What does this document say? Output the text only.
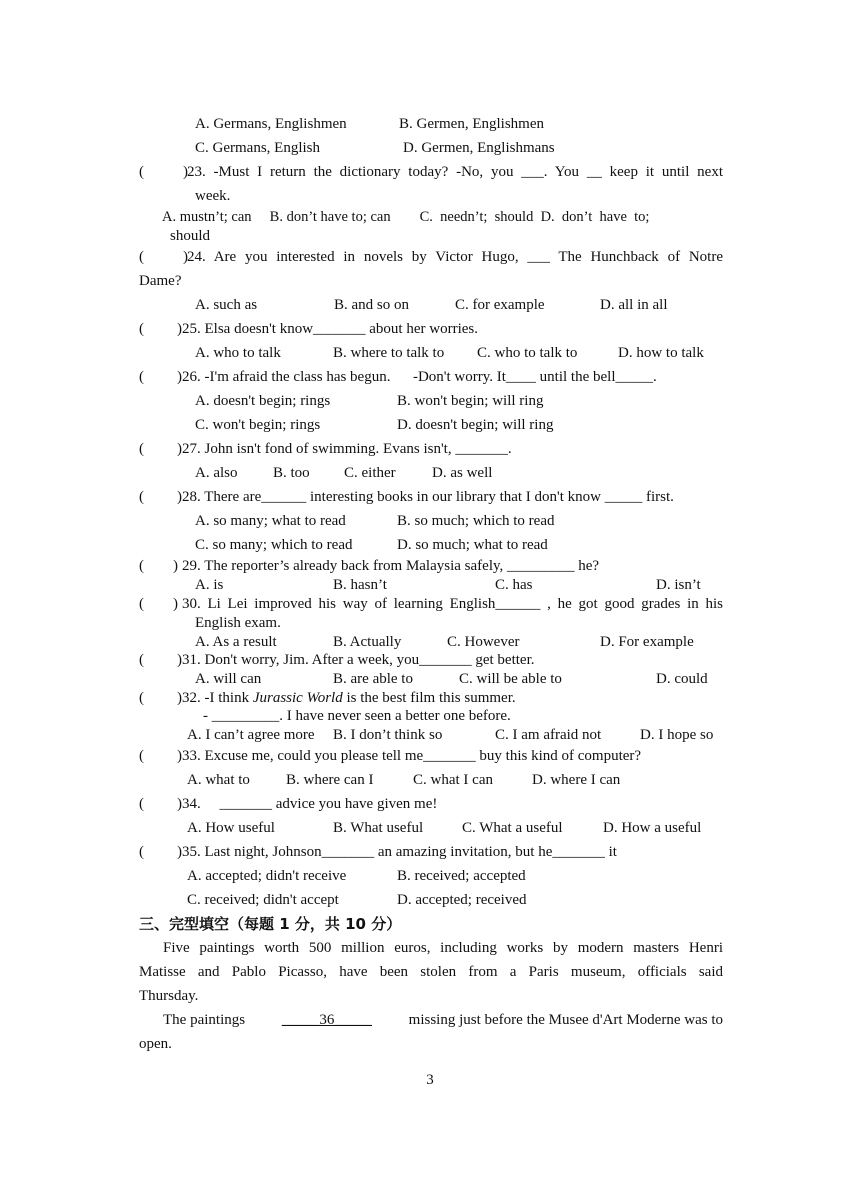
A. Germans, Englishmen	B. Germen, Englishmen
C. Germans, English	D. Germen, Englishmans
(	) 23. -Must I return the dictionary today? -No, you ___. You __ keep it until next
week.
A. mustn’t; can     B. don’t have to; can        C.  needn’t;  should  D.  don’t  have  to;
should
(	) 24. Are you interested in novels by Victor Hugo, ___ The Hunchback of Notre
Dame?
A. such as	B. and so on	C. for example	D. all in all
( ) 25. Elsa doesn't know_______ about her worries.
A. who to talk	B. where to talk to C. who to talk to	D. how to talk
( ) 26. -I'm afraid the class has begun.      -Don't worry. It____ until the bell_____.
A. doesn't begin; rings	B. won't begin; will ring
C. won't begin; rings	D. doesn't begin; will ring
( ) 27. John isn't fond of swimming. Evans isn't, _______.
A. also B. too C. either D. as well
( ) 28. There are______ interesting books in our library that I don't know _____ first.
A. so many; what to read	B. so much; which to read
C. so many; which to read	D. so much; what to read
( ) 29. The reporter’s already back from Malaysia safely, _________ he?
A. is	B. hasn’t	C. has	D. isn’t
( ) 30. Li Lei improved his way of learning English______ , he got good grades in his
English exam.
A. As a result	B. Actually	C. However	D. For example
( ) 31. Don't worry, Jim. After a week, you_______ get better.
A. will can	B. are able to	C. will be able to	D. could
( ) 32. -I think Jurassic World is the best film this summer.
- _________. I have never seen a better one before.
A. I can’t agree more B. I don’t think so	C. I am afraid not	D. I hope so
( ) 33. Excuse me, could you please tell me_______ buy this kind of computer?
A. what to B. where can I	C. what I can	D. where I can
( ) 34.     _______ advice you have given me!
A. How useful	B. What useful	C. What a useful	D. How a useful
( ) 35. Last night, Johnson_______ an amazing invitation, but he_______ it
A. accepted; didn't receive	B. received; accepted
C. received; didn't accept	D. accepted; received
三、完型填空（每题 1 分，共 10 分）
Five paintings worth 500 million euros, including works by modern masters Henri
Matisse and Pablo Picasso, have been stolen from a Paris museum, officials said
Thursday.
The paintings _____36_____ missing just before the Musee d'Art Moderne was to
open.
3
